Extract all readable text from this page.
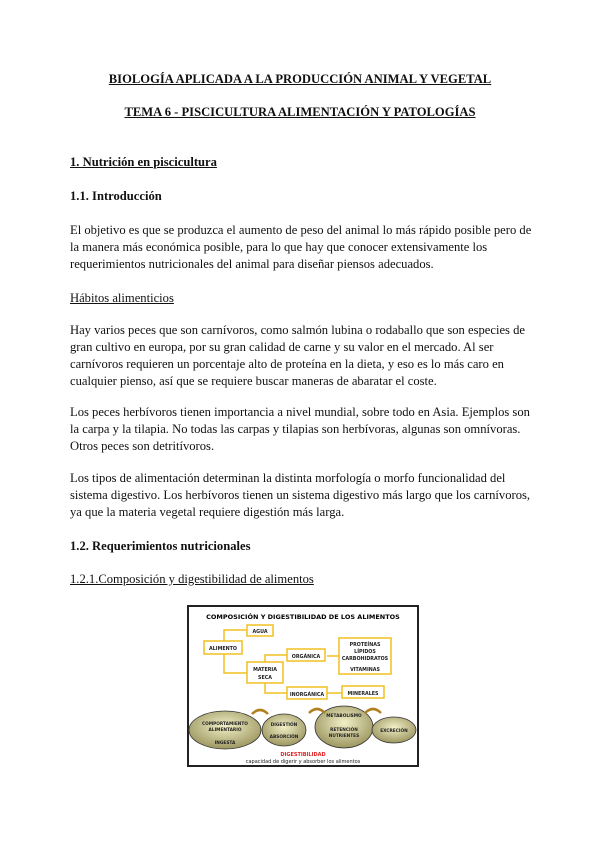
BIOLOGÍA APLICADA A LA PRODUCCIÓN ANIMAL Y VEGETAL
TEMA 6 - PISCICULTURA ALIMENTACIÓN Y PATOLOGÍAS
1. Nutrición en piscicultura
1.1. Introducción
El objetivo es que se produzca el aumento de peso del animal lo más rápido posible pero de la manera más económica posible, para lo que hay que conocer extensivamente los requerimientos nutricionales del animal para diseñar piensos adecuados.
Hábitos alimenticios
Hay varios peces que son carnívoros, como salmón lubina o rodaballo que son especies de gran cultivo en europa, por su gran calidad de carne y su valor en el mercado. Al ser carnívoros requieren un porcentaje alto de proteína en la dieta, y eso es lo más caro en cualquier pienso, así que se requiere buscar maneras de abaratar el coste.
Los peces herbívoros tienen importancia a nivel mundial, sobre todo en Asia. Ejemplos son la carpa y la tilapia. No todas las carpas y tilapias son herbívoras, algunas son omnívoras. Otros peces son detritívoros.
Los tipos de alimentación determinan la distinta morfología o morfo funcionalidad del sistema digestivo. Los herbívoros tienen un sistema digestivo más largo que los carnívoros, ya que la materia vegetal requiere digestión más larga.
1.2. Requerimientos nutricionales
1.2.1.Composición y digestibilidad de alimentos
COMPOSICIÓN Y DIGESTIBILIDAD DE LOS ALIMENTOS
AGUA
ALIMENTO
MATERIA
SECA
ORGÁNICA
INORGÁNICA
PROTEÍNAS
LÍPIDOS
CARBOHIDRATOS
VITAMINAS
MINERALES
COMPORTAMIENTO
ALIMENTARIO
INGESTA
DIGESTIÓN
ABSORCIÓN
METABOLISMO
RETENCIÓN
NUTRIENTES
EXCRECIÓN
DIGESTIBILIDAD
capacidad de digerir y absorber los alimentos
